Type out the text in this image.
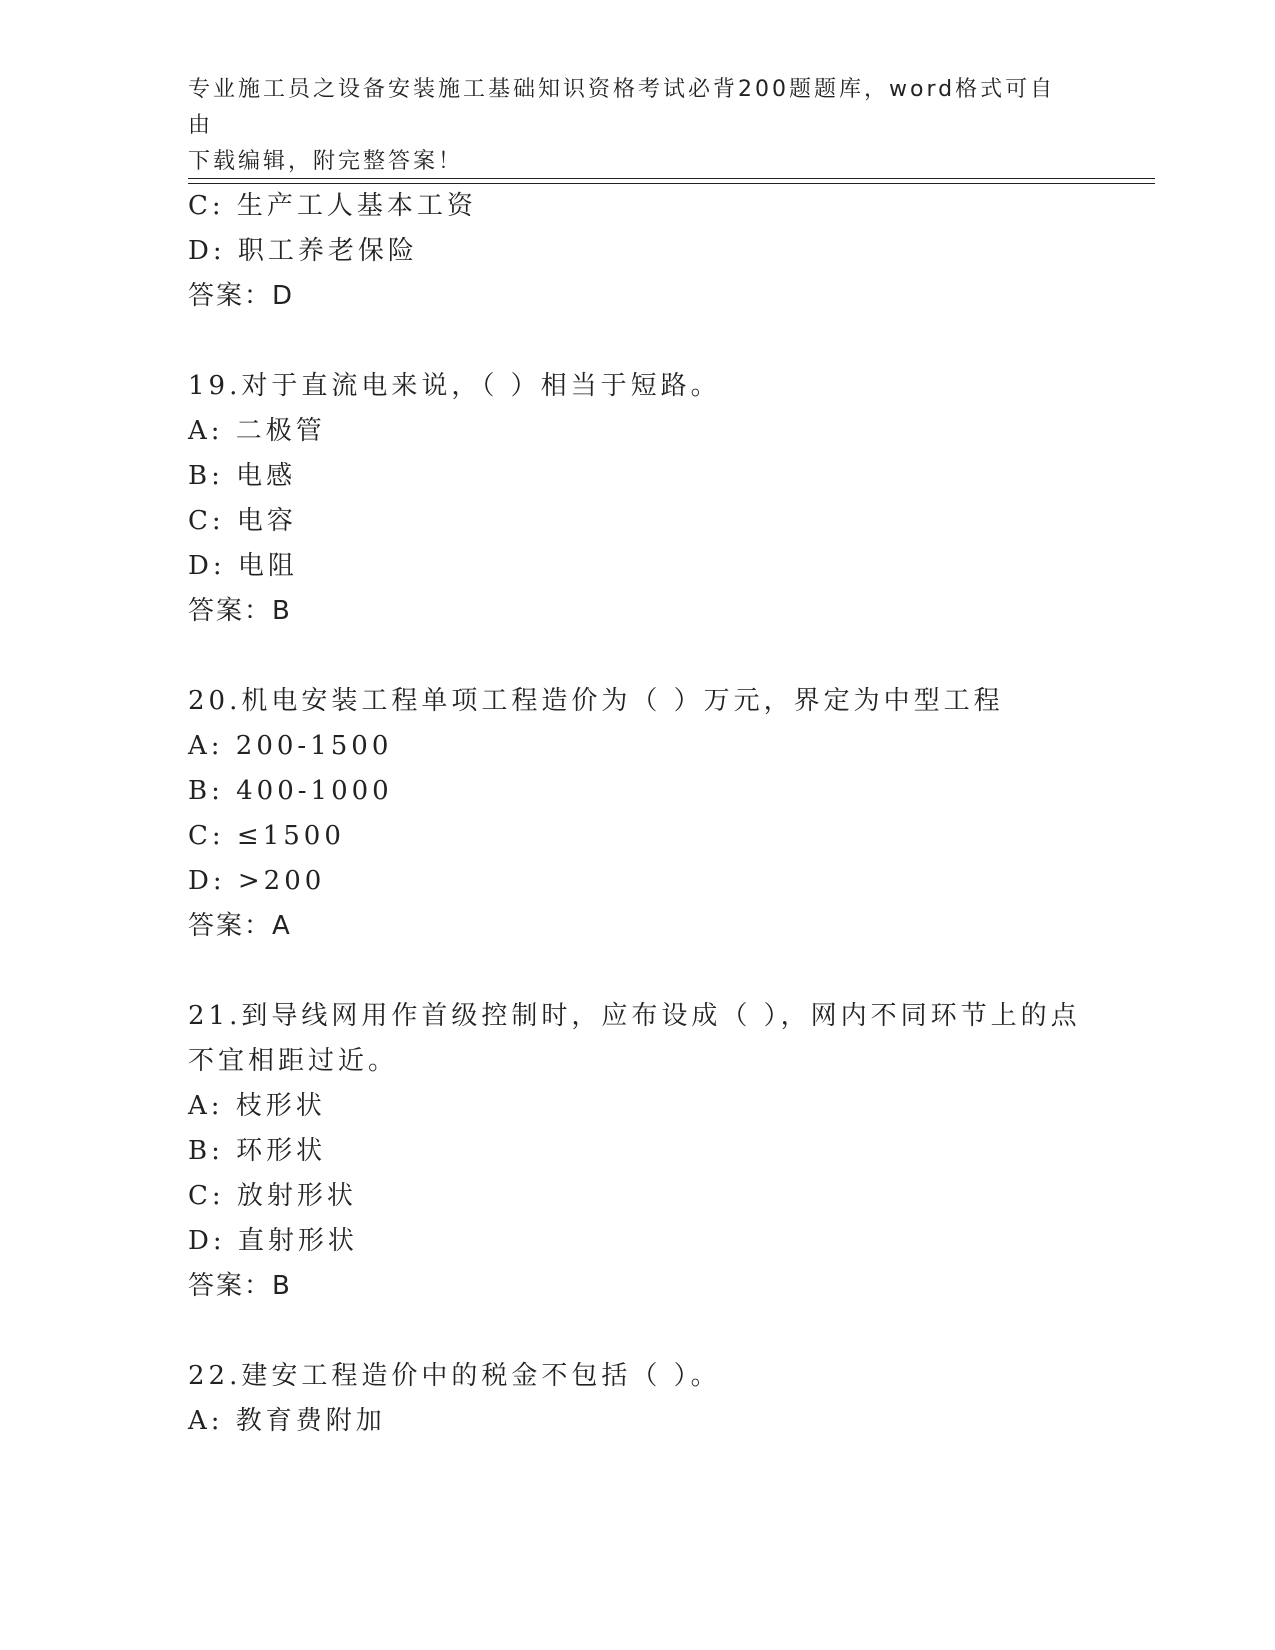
专业施工员之设备安装施工基础知识资格考试必背200题题库，word格式可自由
下载编辑，附完整答案！
C: 生产工人基本工资
D: 职工养老保险
答案：D
19.对于直流电来说，（ ）相当于短路。
A: 二极管
B: 电感
C: 电容
D: 电阻
答案：B
20.机电安装工程单项工程造价为（ ）万元，界定为中型工程
A: 200-1500
B: 400-1000
C: ≤1500
D: >200
答案：A
21.到导线网用作首级控制时，应布设成（ ），网内不同环节上的点
不宜相距过近。
A: 枝形状
B: 环形状
C: 放射形状
D: 直射形状
答案：B
22.建安工程造价中的税金不包括（ ）。
A: 教育费附加
